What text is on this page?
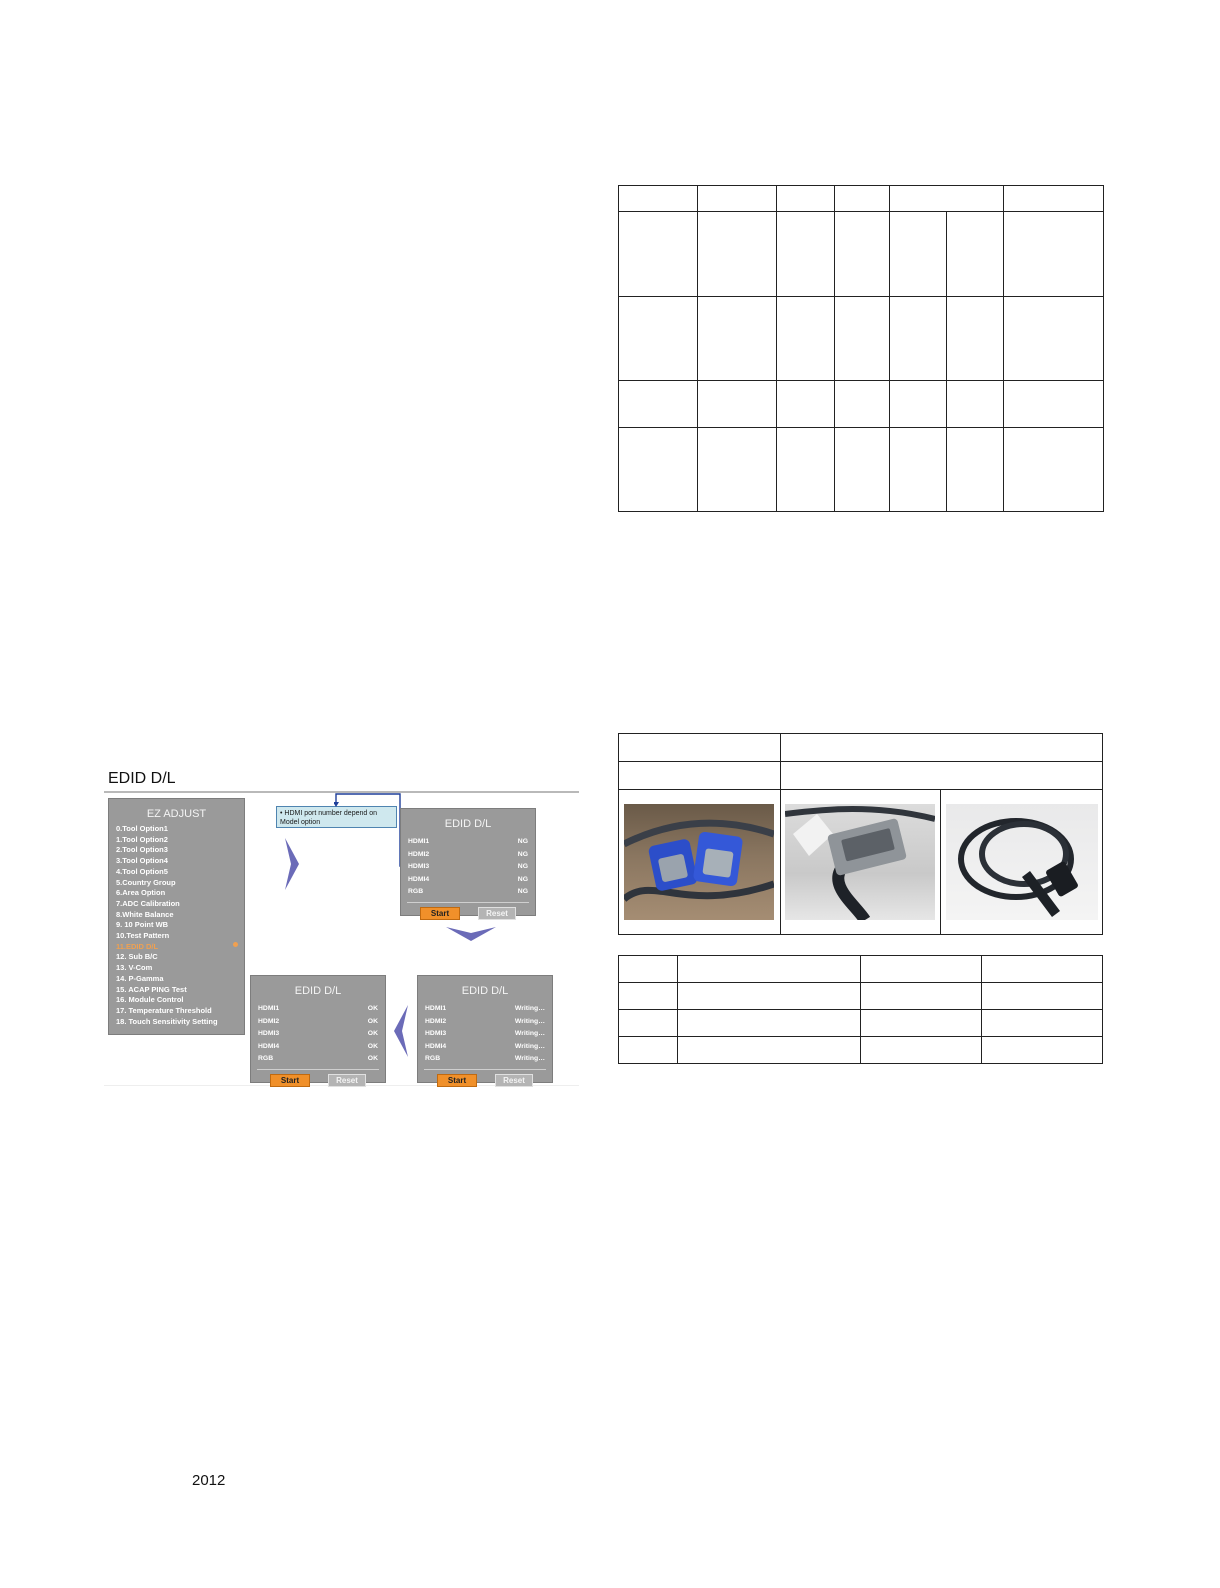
EDID D/L
EZ ADJUST
0.Tool Option1
1.Tool Option2
2.Tool Option3
3.Tool Option4
4.Tool Option5
5.Country Group
6.Area Option
7.ADC Calibration
8.White Balance
9. 10 Point WB
10.Test Pattern
11.EDID D/L
12. Sub B/C
13. V-Com
14. P-Gamma
15. ACAP PING Test
16. Module Control
17. Temperature Threshold
18. Touch Sensitivity Setting
• HDMI port number depend on Model option	EDID D/L
HDMI1	NG
HDMI2	NG
HDMI3	NG
HDMI4	NG
RGB	NG
Start	Reset
EDID D/L
HDMI1	OK
HDMI2	OK
HDMI3	OK
HDMI4	OK
RGB	OK
Start	Reset
EDID D/L
HDMI1	Writing…
HDMI2	Writing…
HDMI3	Writing…
HDMI4	Writing…
RGB	Writing…
Start	Reset
2012
